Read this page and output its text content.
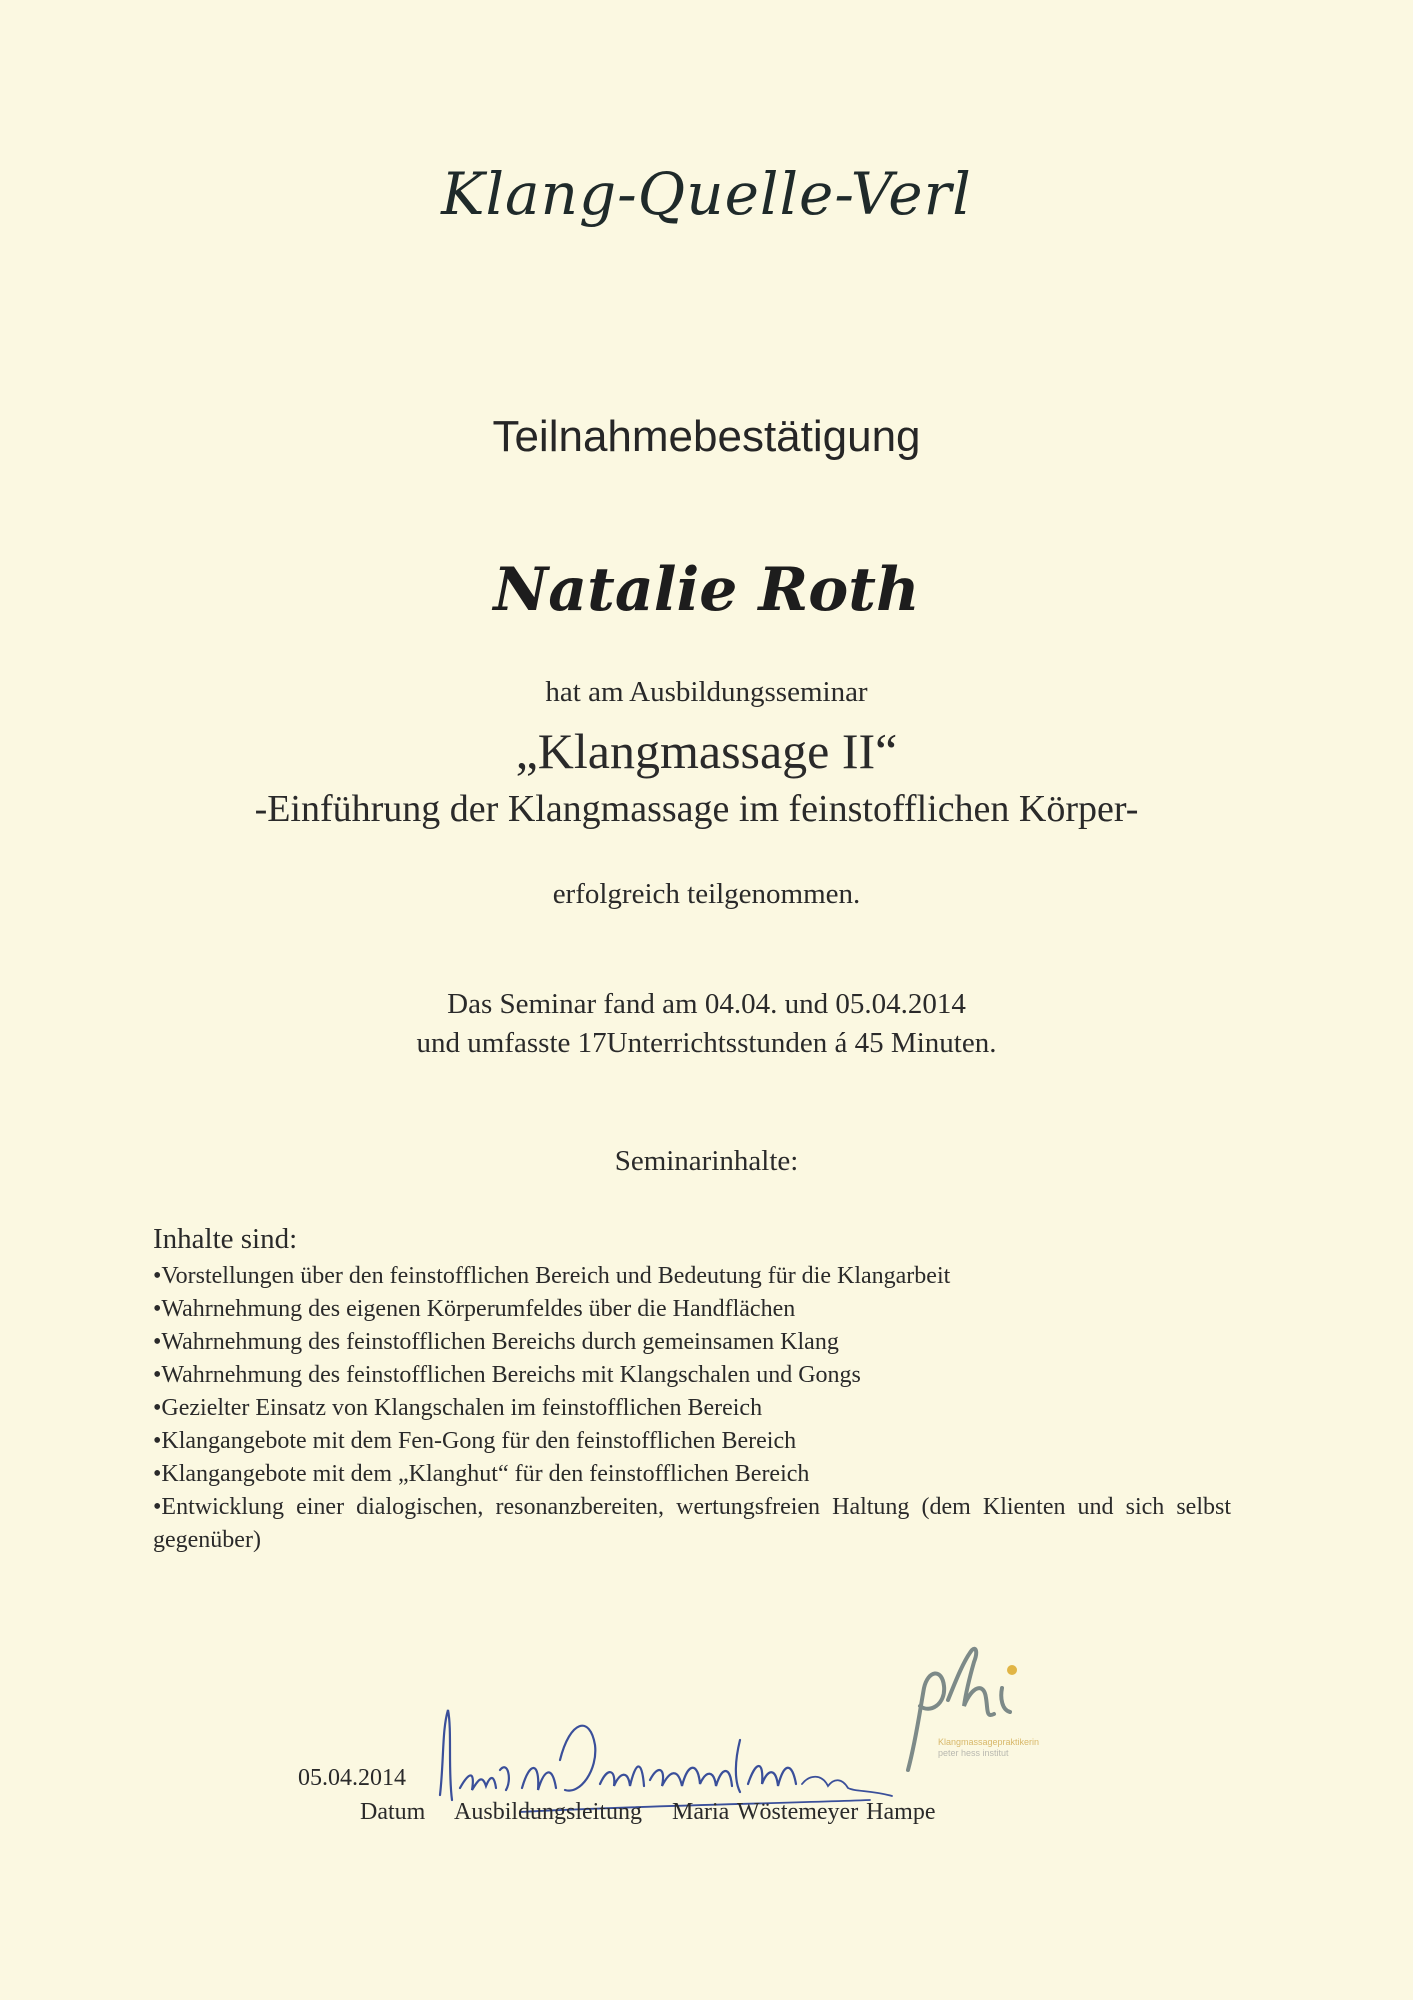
Klang-Quelle-Verl
Teilnahmebestätigung
Natalie Roth
hat am Ausbildungsseminar
„Klangmassage II“
-Einführung der Klangmassage im feinstofflichen Körper-
erfolgreich teilgenommen.
Das Seminar fand am 04.04. und 05.04.2014
und umfasste 17Unterrichtsstunden á 45 Minuten.
Seminarinhalte:
Inhalte sind:
•Vorstellungen über den feinstofflichen Bereich und Bedeutung für die Klangarbeit
•Wahrnehmung des eigenen Körperumfeldes über die Handflächen
•Wahrnehmung des feinstofflichen Bereichs durch gemeinsamen Klang
•Wahrnehmung des feinstofflichen Bereichs mit Klangschalen und Gongs
•Gezielter Einsatz von Klangschalen im feinstofflichen Bereich
•Klangangebote mit dem Fen-Gong für den feinstofflichen Bereich
•Klangangebote mit dem „Klanghut“ für den feinstofflichen Bereich
•Entwicklung einer dialogischen, resonanzbereiten, wertungsfreien Haltung (dem Klienten und sich selbst gegenüber)
Klangmassagepraktikerin
peter hess institut
05.04.2014
Datum Ausbildungsleitung Maria Wöstemeyer Hampe
